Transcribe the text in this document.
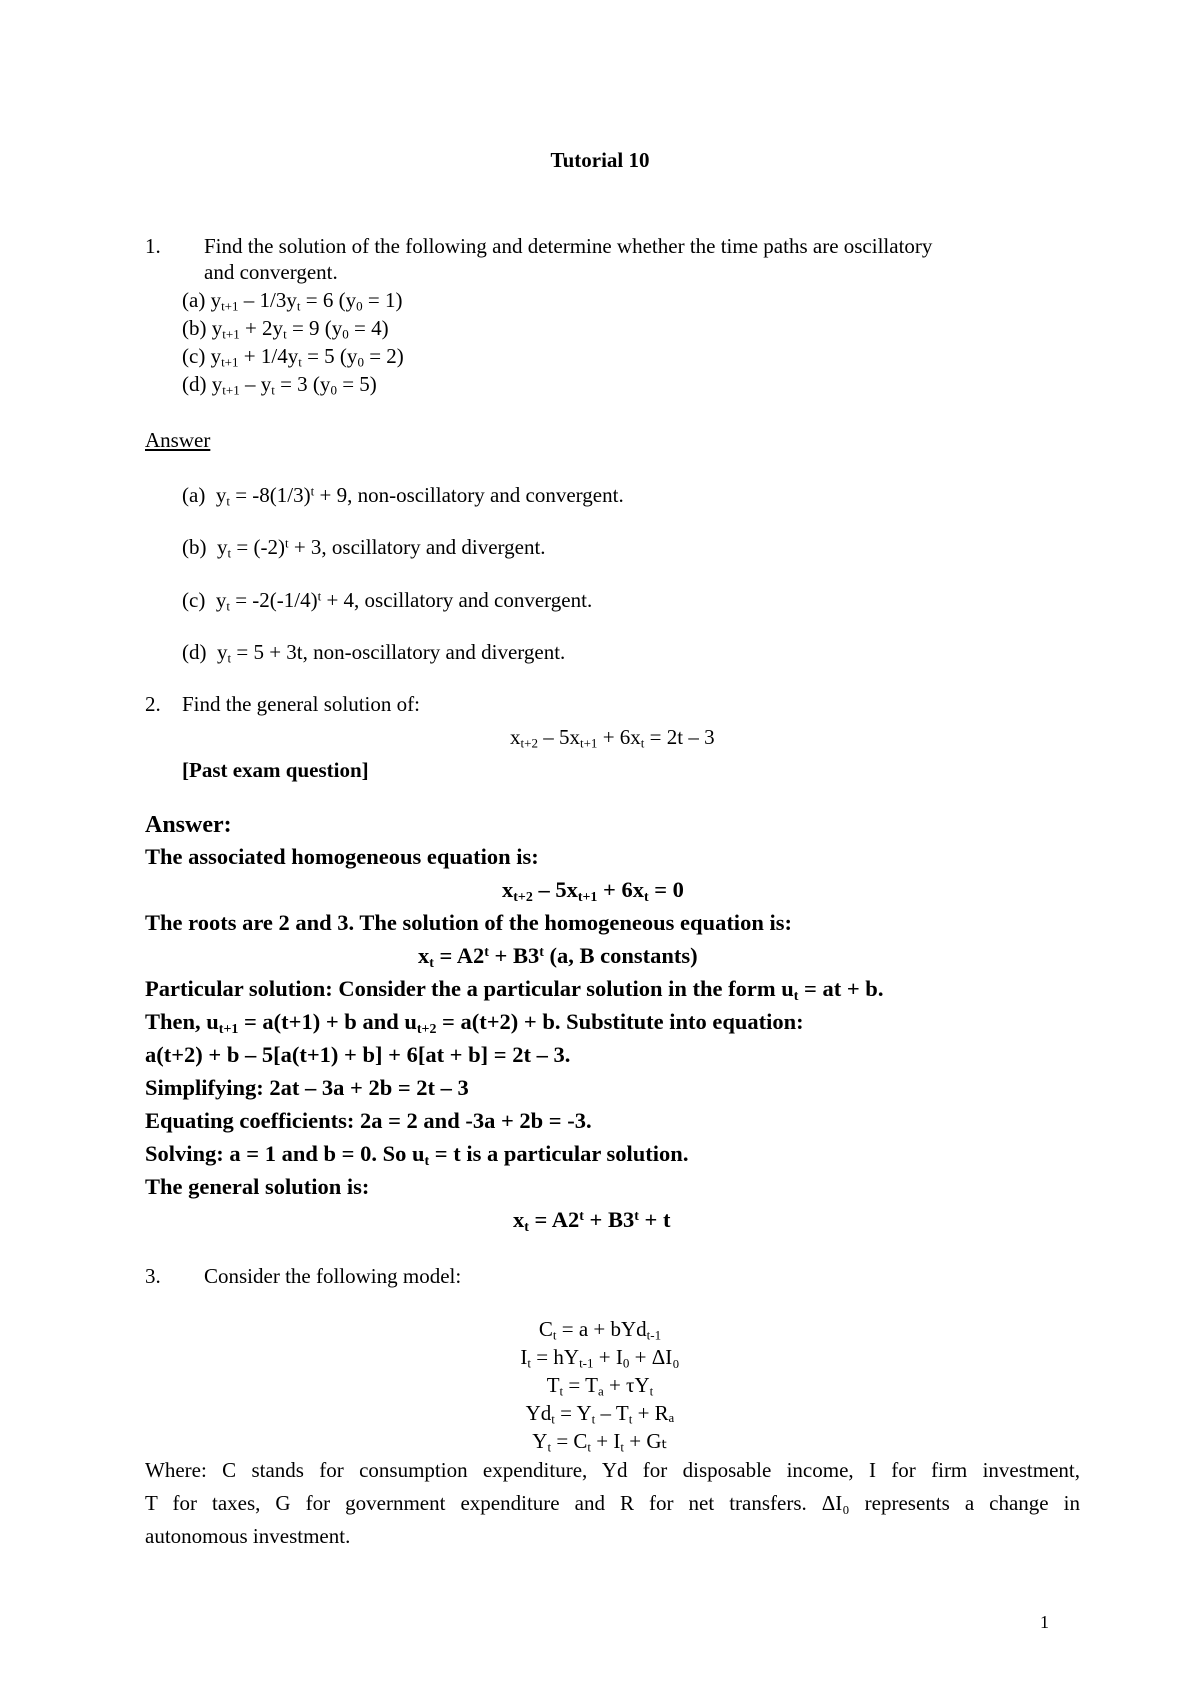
Tutorial 10
1. Find the solution of the following and determine whether the time paths are oscillatory
and convergent.
(a) $y_{t+1} - 1/3y_t = 6$ $(y_0 = 1)$
(b) $y_{t+1} + 2y_t = 9$ $(y_0 = 4)$
(c) $y_{t+1} + 1/4y_t = 5$ $(y_0 = 2)$
(d) $y_{t+1} - y_t = 3$ $(y_0 = 5)$
Answer
(a) $y_t = -8(1/3)^t + 9$, non-oscillatory and convergent.
(b) $y_t = (-2)^t + 3$, oscillatory and divergent.
(c) $y_t = -2(-1/4)^t + 4$, oscillatory and convergent.
(d) $y_t = 5 + 3t$, non-oscillatory and divergent.
2. Find the general solution of:
$x_{t+2} - 5x_{t+1} + 6x_t = 2t - 3$
[Past exam question]
Answer:
The associated homogeneous equation is:
$x_{t+2} - 5x_{t+1} + 6x_t = 0$
The roots are 2 and 3. The solution of the homogeneous equation is:
$x_t = A2^t + B3^t$ (a, B constants)
Particular solution: Consider the a particular solution in the form $u_t$ = at + b.
Then, $u_{t+1} = a(t+1) + b$ and $u_{t+2} = a(t+2) + b$. Substitute into equation:
a(t+2) + b – 5[a(t+1) + b] + 6[at + b] = 2t – 3.
Simplifying: 2at – 3a + 2b = 2t – 3
Equating coefficients: 2a = 2 and -3a + 2b = -3.
Solving: a = 1 and b = 0. So $u_t = t$ is a particular solution.
The general solution is:
$x_t = A2^t + B3^t + t$
3. Consider the following model:
$C_t = a + bYd_{t-1}$
$I_t = hY_{t-1} + I_0 + \Delta I_0$
$T_t = T_a + \tau Y_t$
$Yd_t = Y_t - T_t + R_a$
$Y_t = C_t + I_t + G_t$
Where: C stands for consumption expenditure, Yd for disposable income, I for firm investment,
T for taxes, G for government expenditure and R for net transfers. ΔI₀ represents a change in
autonomous investment.
1
